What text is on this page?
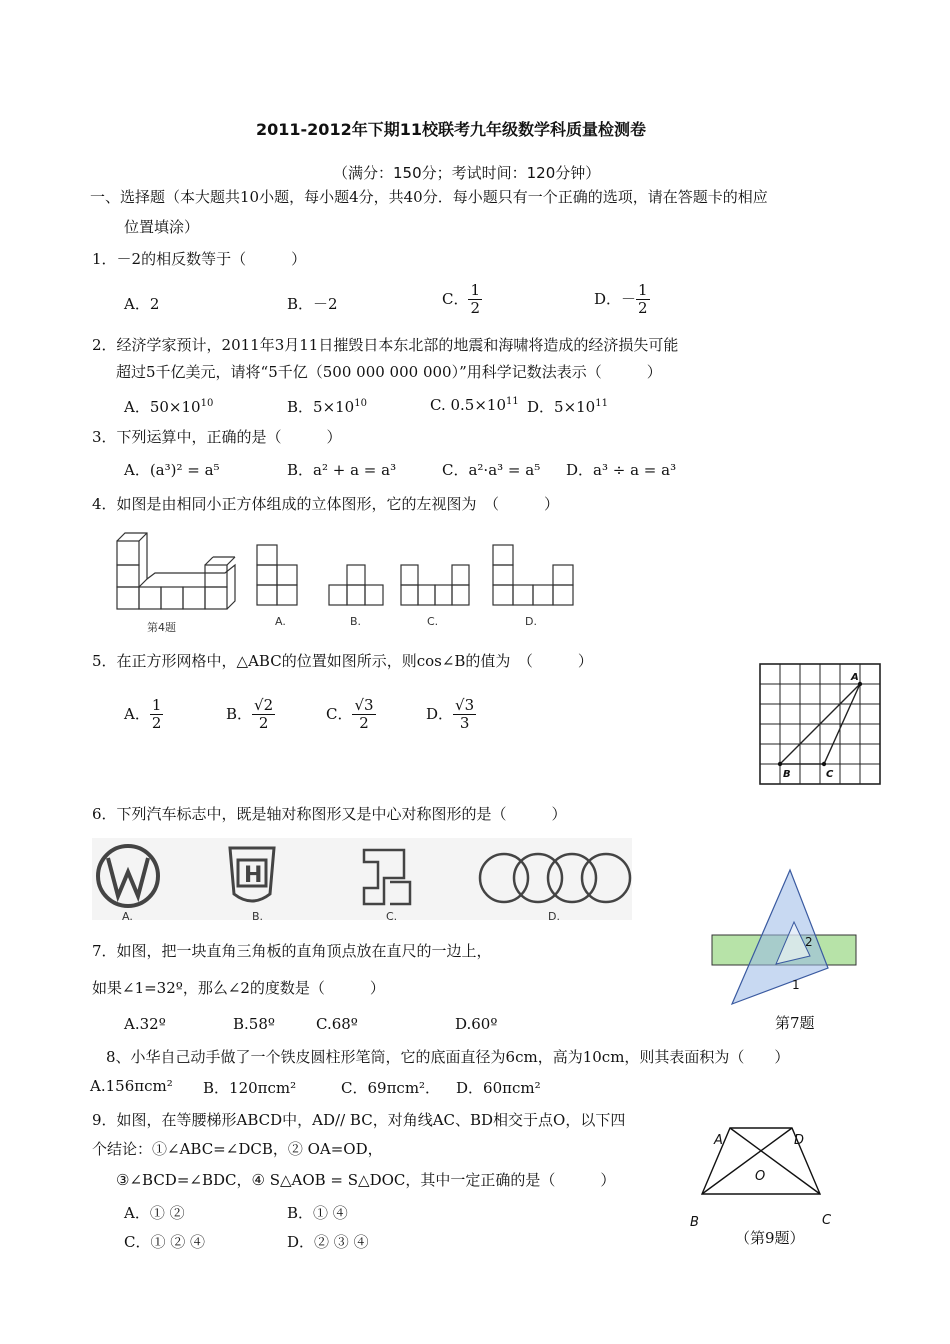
2011-2012年下期11校联考九年级数学科质量检测卷
（满分：150分；考试时间：120分钟）
一、选择题（本大题共10小题，每小题4分，共40分．每小题只有一个正确的选项，请在答题卡的相应
位置填涂）
1．－2的相反数等于（　　　）
A．2	B．－2	C． $\frac{1}{2}$	D．－ $\frac{1}{2}$
2．经济学家预计，2011年3月11日摧毁日本东北部的地震和海啸将造成的经济损失可能
超过5千亿美元，请将“5千亿（500 000 000 000）”用科学记数法表示（　　　）
A．$50\times 10^{10}$	B．$5\times 10^{10}$	C. $0.5\times 10^{11}$ D．$5\times 10^{11}$
3．下列运算中，正确的是（　　　）
A．(a³)² = a⁵	B．a² + a = a³	C．a²·a³ = a⁵ D．a³ ÷ a = a³
4．如图是由相同小正方体组成的立体图形，它的左视图为　（　　　）
第4题	A.	B.	C.	D.
5．在正方形网格中，△ABC的位置如图所示，则cos∠B的值为　（　　　）
A． $\frac{1}{2}$	B． $\frac{√2}{2}$	C． $\frac{√3}{2}$	D． $\frac{√3}{3}$
A
B	C
6．下列汽车标志中，既是轴对称图形又是中心对称图形的是（　　　）
H
A.	B.	C.	D.
7．如图，把一块直角三角板的直角顶点放在直尺的一边上，
如果∠1=32º，那么∠2的度数是（　　　）
A.32º	B.58º	C.68º	D.60º
2
1
第7题
8、小华自己动手做了一个铁皮圆柱形笔筒，它的底面直径为6cm，高为10cm，则其表面积为（　　）
A.156πcm² B．120πcm²	C．69πcm²． D．60πcm²
9．如图，在等腰梯形ABCD中，AD// BC，对角线AC、BD相交于点O，以下四
个结论：①∠ABC=∠DCB，② OA=OD，
③∠BCD=∠BDC，④ S△AOB = S△DOC，其中一定正确的是（　　　）
A．① ②	B．① ④
C．① ② ④	D．② ③ ④
A	D
O
B	C
（第9题）
